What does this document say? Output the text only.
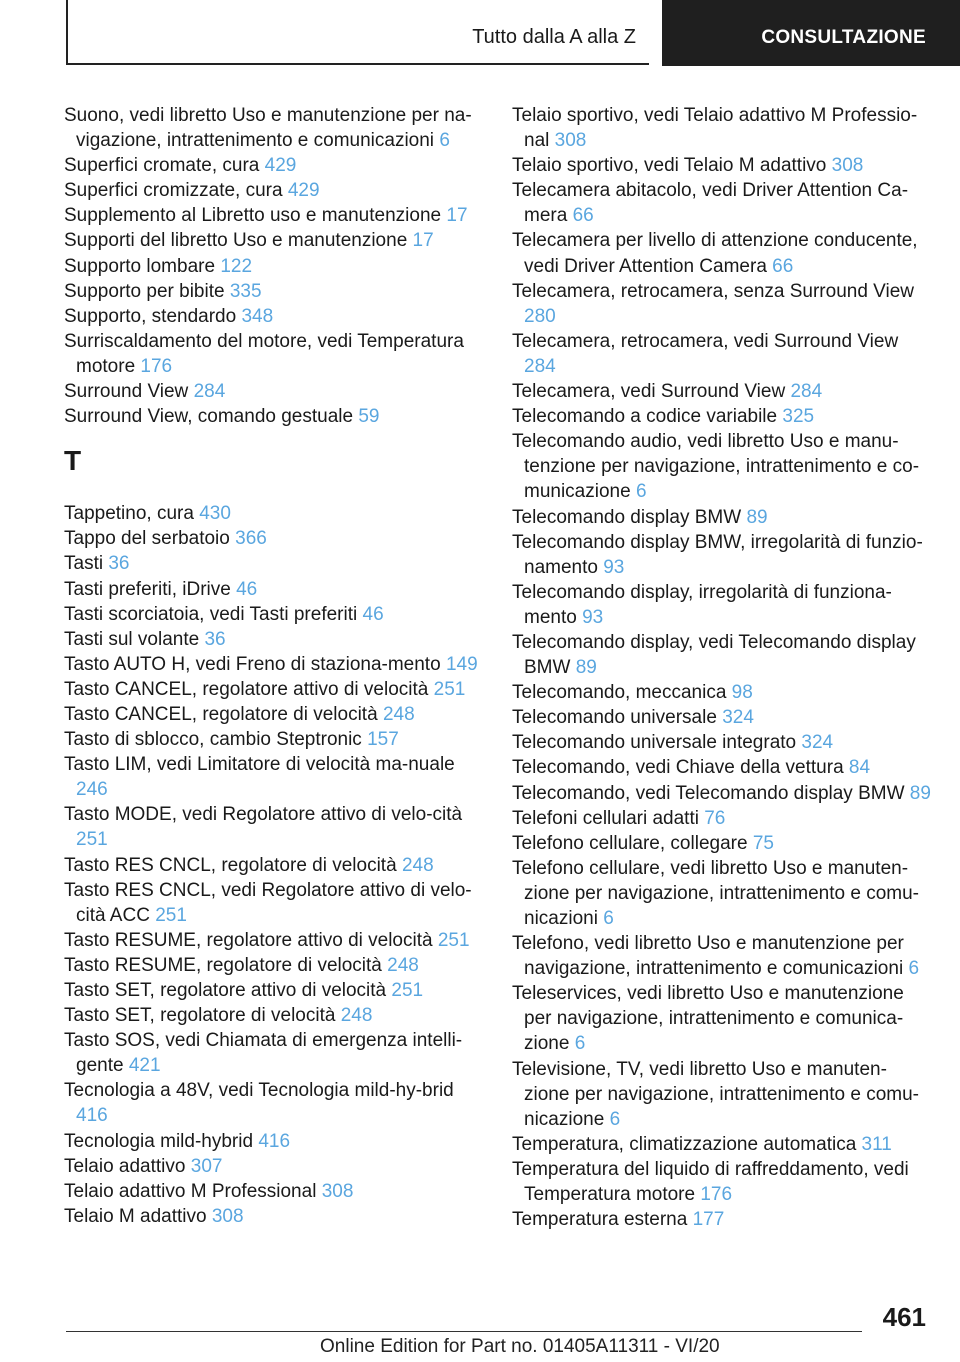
Tutto dalla A alla Z	CONSULTAZIONE
Suono, vedi libretto Uso e manutenzione per na-vigazione, intrattenimento e comunicazioni 6
Superfici cromate, cura 429
Superfici cromizzate, cura 429
Supplemento al Libretto uso e manutenzione 17
Supporti del libretto Uso e manutenzione 17
Supporto lombare 122
Supporto per bibite 335
Supporto, stendardo 348
Surriscaldamento del motore, vedi Temperatura motore 176
Surround View 284
Surround View, comando gestuale 59
T
Tappetino, cura 430
Tappo del serbatoio 366
Tasti 36
Tasti preferiti, iDrive 46
Tasti scorciatoia, vedi Tasti preferiti 46
Tasti sul volante 36
Tasto AUTO H, vedi Freno di staziona-mento 149
Tasto CANCEL, regolatore attivo di velocità 251
Tasto CANCEL, regolatore di velocità 248
Tasto di sblocco, cambio Steptronic 157
Tasto LIM, vedi Limitatore di velocità ma-nuale 246
Tasto MODE, vedi Regolatore attivo di velo-cità 251
Tasto RES CNCL, regolatore di velocità 248
Tasto RES CNCL, vedi Regolatore attivo di velo-cità ACC 251
Tasto RESUME, regolatore attivo di velocità 251
Tasto RESUME, regolatore di velocità 248
Tasto SET, regolatore attivo di velocità 251
Tasto SET, regolatore di velocità 248
Tasto SOS, vedi Chiamata di emergenza intelli-gente 421
Tecnologia a 48V, vedi Tecnologia mild-hy-brid 416
Tecnologia mild-hybrid 416
Telaio adattivo 307
Telaio adattivo M Professional 308
Telaio M adattivo 308
Telaio sportivo, vedi Telaio adattivo M Professio-nal 308
Telaio sportivo, vedi Telaio M adattivo 308
Telecamera abitacolo, vedi Driver Attention Ca-mera 66
Telecamera per livello di attenzione conducente, vedi Driver Attention Camera 66
Telecamera, retrocamera, senza Surround View 280
Telecamera, retrocamera, vedi Surround View 284
Telecamera, vedi Surround View 284
Telecomando a codice variabile 325
Telecomando audio, vedi libretto Uso e manu-tenzione per navigazione, intrattenimento e co-municazione 6
Telecomando display BMW 89
Telecomando display BMW, irregolarità di funzio-namento 93
Telecomando display, irregolarità di funziona-mento 93
Telecomando display, vedi Telecomando display BMW 89
Telecomando, meccanica 98
Telecomando universale 324
Telecomando universale integrato 324
Telecomando, vedi Chiave della vettura 84
Telecomando, vedi Telecomando display BMW 89
Telefoni cellulari adatti 76
Telefono cellulare, collegare 75
Telefono cellulare, vedi libretto Uso e manuten-zione per navigazione, intrattenimento e comu-nicazioni 6
Telefono, vedi libretto Uso e manutenzione per navigazione, intrattenimento e comunicazioni 6
Teleservices, vedi libretto Uso e manutenzione per navigazione, intrattenimento e comunica-zione 6
Televisione, TV, vedi libretto Uso e manuten-zione per navigazione, intrattenimento e comu-nicazione 6
Temperatura, climatizzazione automatica 311
Temperatura del liquido di raffreddamento, vedi Temperatura motore 176
Temperatura esterna 177
461
Online Edition for Part no. 01405A11311 - VI/20
